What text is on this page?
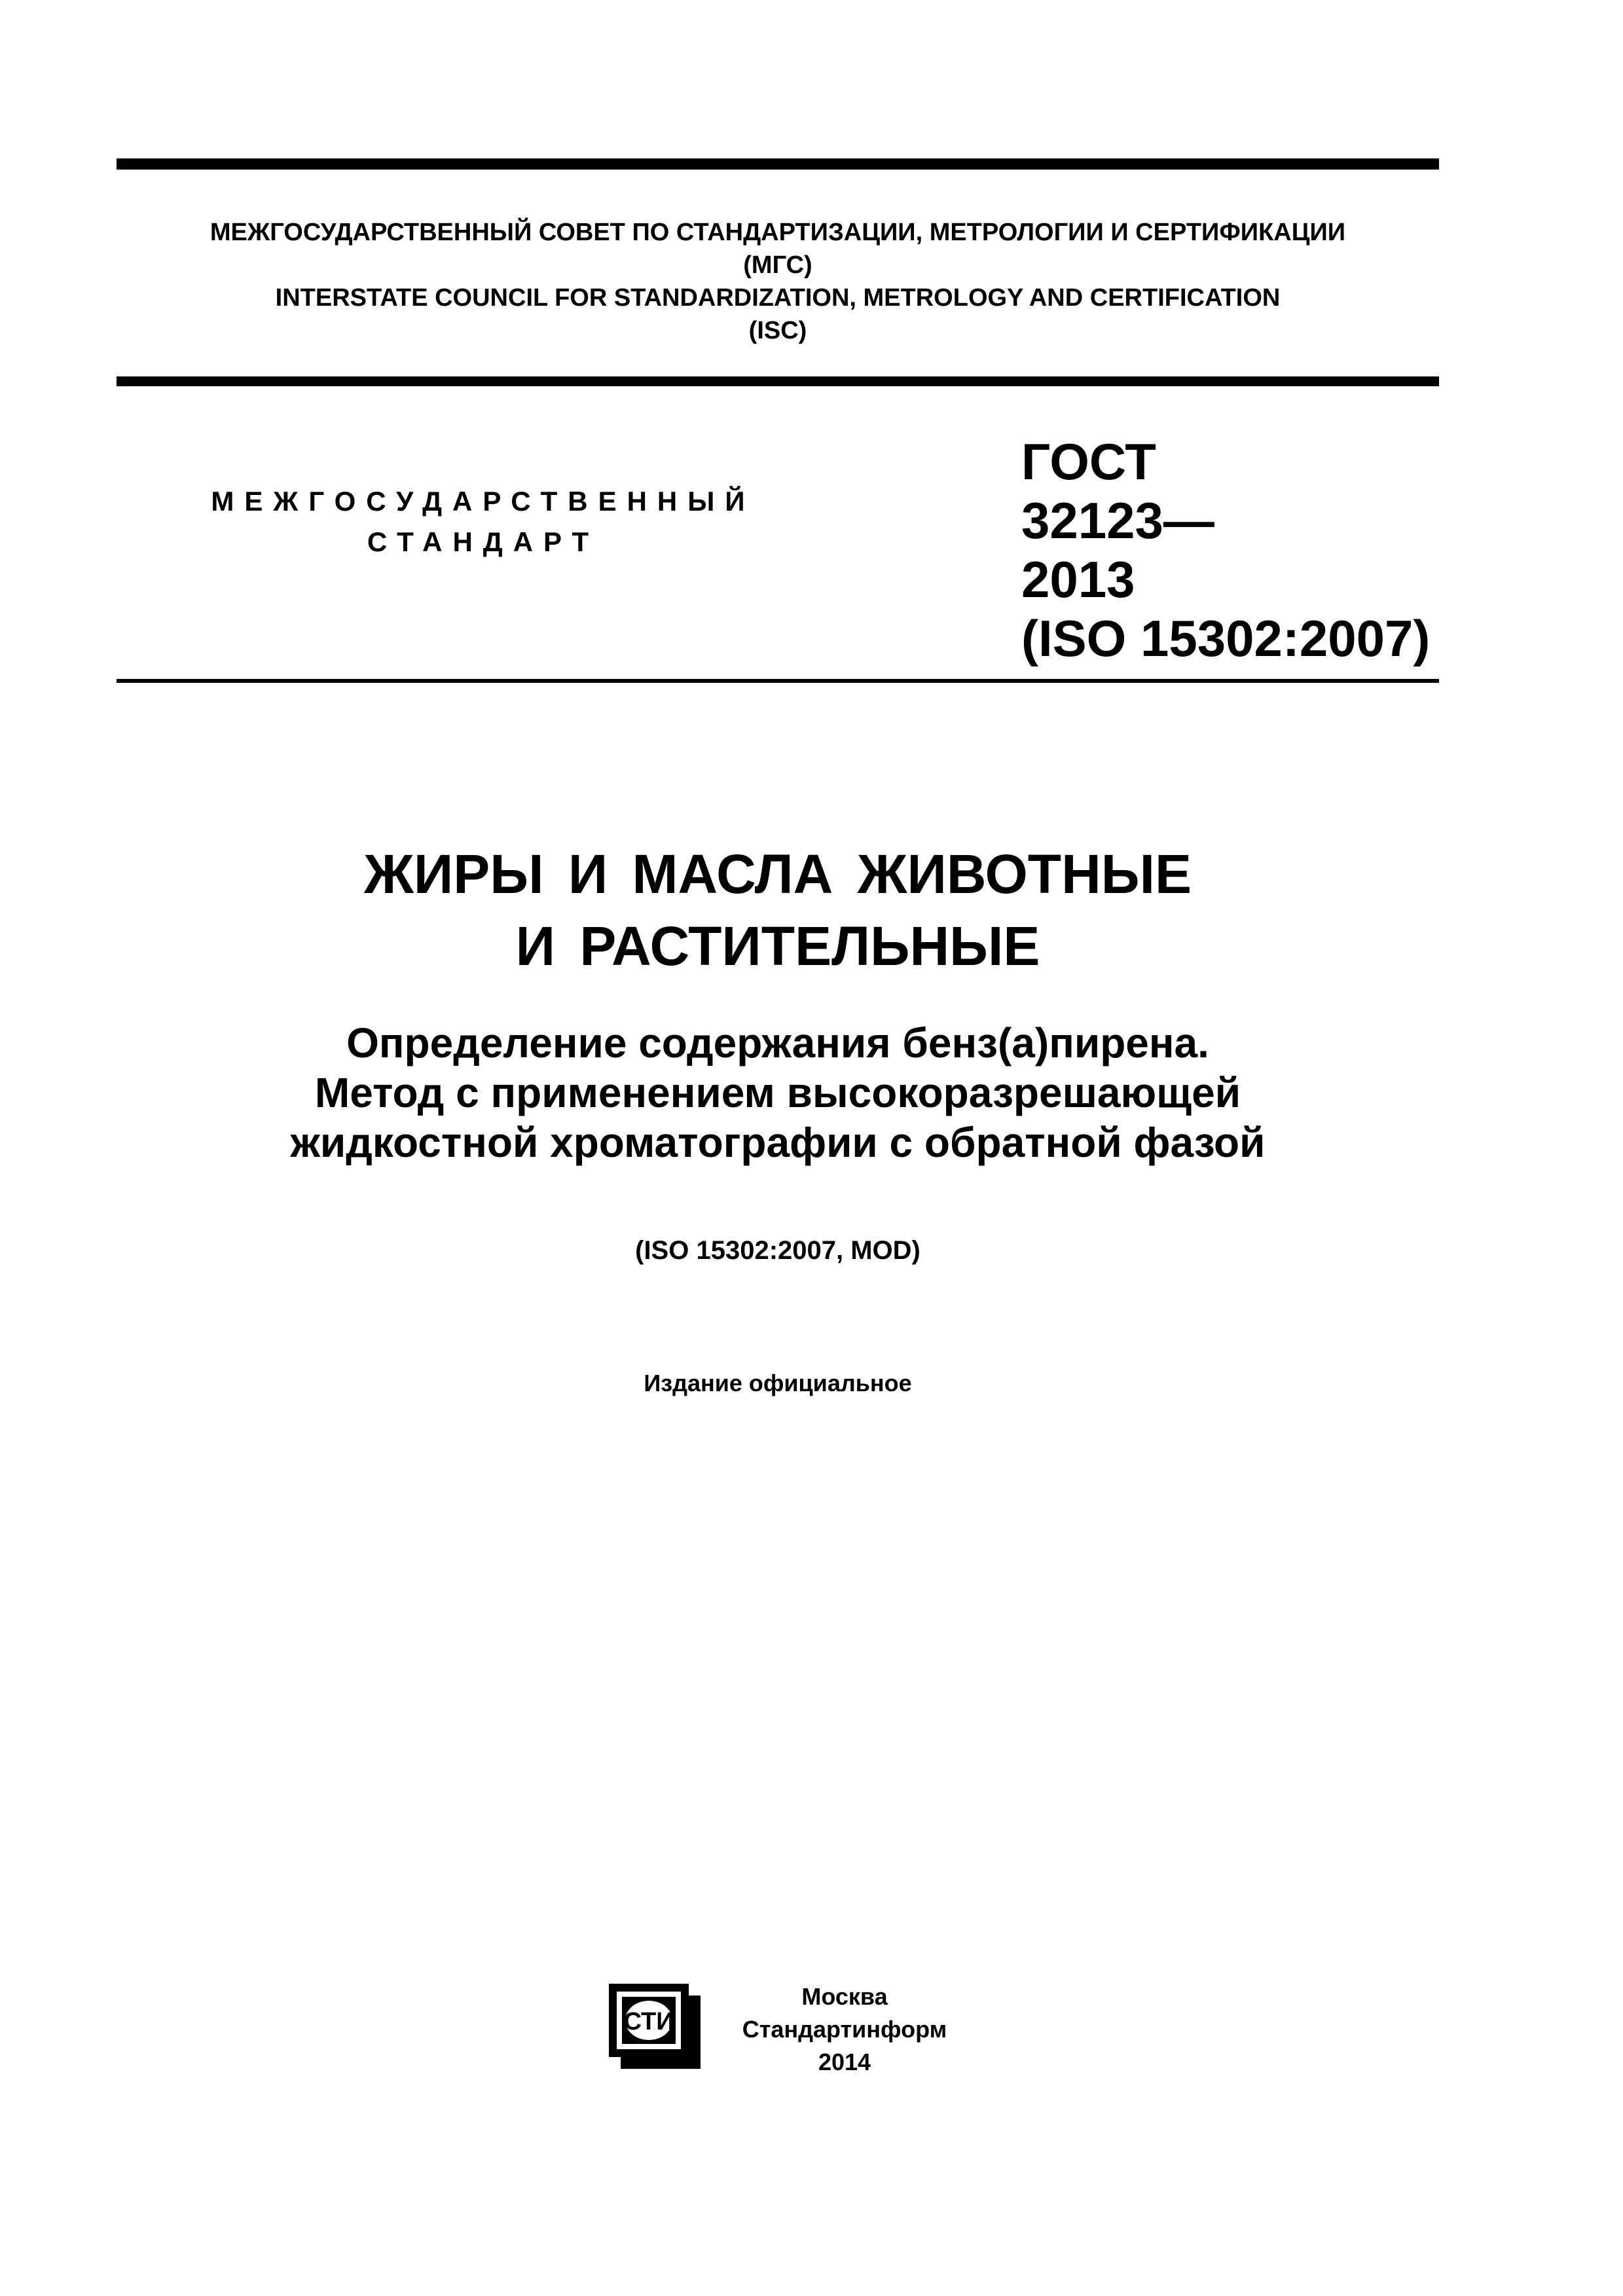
МЕЖГОСУДАРСТВЕННЫЙ СОВЕТ ПО СТАНДАРТИЗАЦИИ, МЕТРОЛОГИИ И СЕРТИФИКАЦИИ
(МГС)
INTERSTATE COUNCIL FOR STANDARDIZATION, METROLOGY AND CERTIFICATION
(ISC)
МЕЖГОСУДАРСТВЕННЫЙ
СТАНДАРТ
ГОСТ
32123—
2013
(ISO 15302:2007)
ЖИРЫ И МАСЛА ЖИВОТНЫЕ
И РАСТИТЕЛЬНЫЕ
Определение содержания бенз(а)пирена.
Метод с применением высокоразрешающей
жидкостной хроматографии с обратной фазой
(ISO 15302:2007, MOD)
Издание официальное
СТИ
Москва
Стандартинформ
2014
